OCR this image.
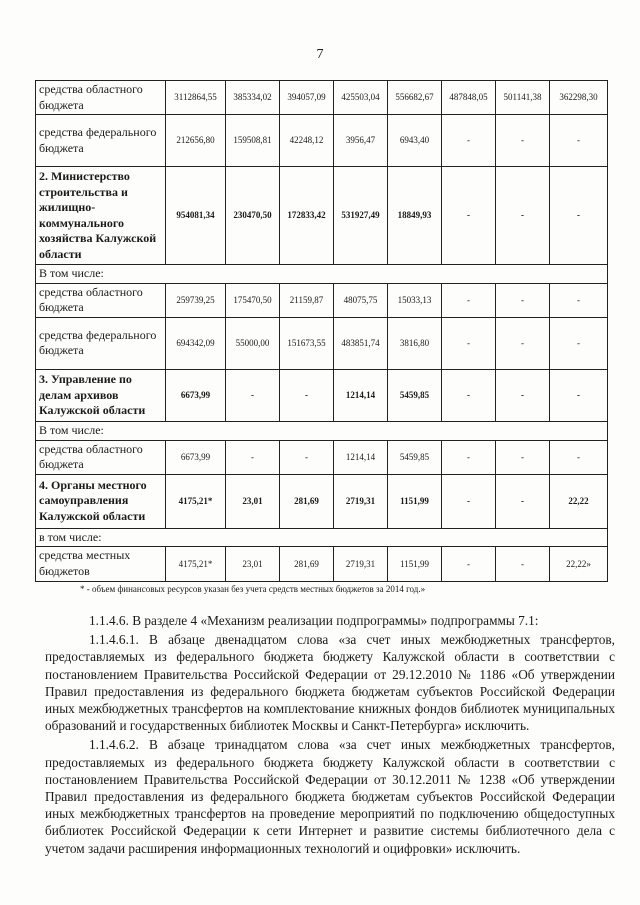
7
средства областного бюджета	3112864,55	385334,02	394057,09	425503,04	556682,67	487848,05	501141,38	362298,30
средства федерального бюджета	212656,80	159508,81	42248,12	3956,47	6943,40	-	-	-
2. Министерство строительства и жилищно-коммунального хозяйства Калужской области	954081,34	230470,50	172833,42	531927,49	18849,93	-	-	-
В том числе:								
средства областного бюджета	259739,25	175470,50	21159,87	48075,75	15033,13	-	-	-
средства федерального бюджета	694342,09	55000,00	151673,55	483851,74	3816,80	-	-	-
3. Управление по делам архивов Калужской области	6673,99	-	-	1214,14	5459,85	-	-	-
В том числе:								
средства областного бюджета	6673,99	-	-	1214,14	5459,85	-	-	-
4. Органы местного самоуправления Калужской области	4175,21*	23,01	281,69	2719,31	1151,99	-	-	22,22
в том числе:								
средства местных бюджетов	4175,21*	23,01	281,69	2719,31	1151,99	-	-	22,22»
* - объем финансовых ресурсов указан без учета средств местных бюджетов за 2014 год.»

1.1.4.6. В разделе 4 «Механизм реализации подпрограммы» подпрограммы 7.1:

1.1.4.6.1. В абзаце двенадцатом слова «за счет иных межбюджетных трансфертов, предоставляемых из федерального бюджета бюджету Калужской области в соответствии с постановлением Правительства Российской Федерации от 29.12.2010 № 1186 «Об утверждении Правил предоставления из федерального бюджета бюджетам субъектов Российской Федерации иных межбюджетных трансфертов на комплектование книжных фондов библиотек муниципальных образований и государственных библиотек Москвы и Санкт-Петербурга» исключить.

1.1.4.6.2. В абзаце тринадцатом слова «за счет иных межбюджетных трансфертов, предоставляемых из федерального бюджета бюджету Калужской области в соответствии с постановлением Правительства Российской Федерации от 30.12.2011 № 1238 «Об утверждении Правил предоставления из федерального бюджета бюджетам субъектов Российской Федерации иных межбюджетных трансфертов на проведение мероприятий по подключению общедоступных библиотек Российской Федерации к сети Интернет и развитие системы библиотечного дела с учетом задачи расширения информационных технологий и оцифровки» исключить.
